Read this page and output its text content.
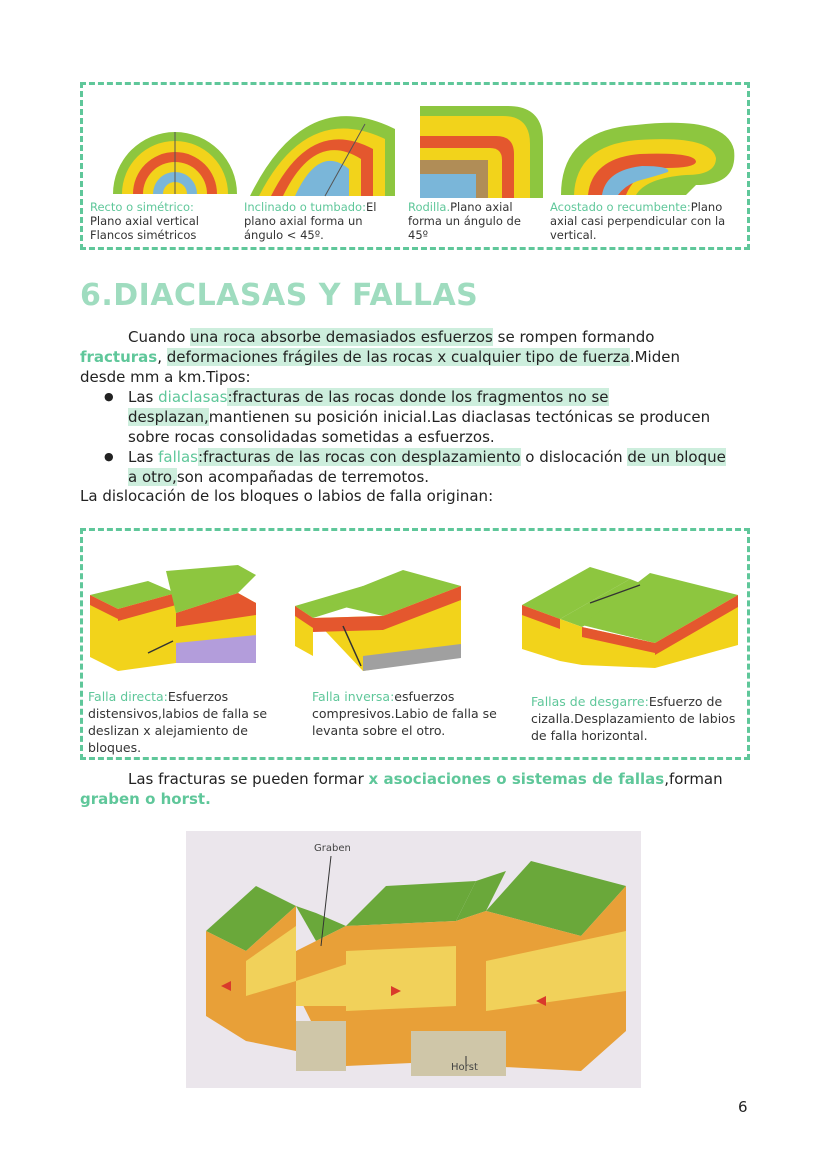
Recto o simétrico:
Plano axial vertical
Flancos simétricos
Inclinado o tumbado:El
plano axial forma un
ángulo < 45º.
Rodilla.Plano axial
forma un ángulo de
45º
Acostado o recumbente:Plano
axial casi perpendicular con la
vertical.
6.DIACLASAS Y FALLAS
Cuando una roca absorbe demasiados esfuerzos se rompen formando fracturas, deformaciones frágiles de las rocas x cualquier tipo de fuerza.Miden desde mm a km.Tipos:
● Las diaclasas:fracturas de las rocas donde los fragmentos no se desplazan,mantienen su posición inicial.Las diaclasas tectónicas se producen sobre rocas consolidadas sometidas a esfuerzos.
● Las fallas:fracturas de las rocas con desplazamiento o dislocación de un bloque a otro,son acompañadas de terremotos.
La dislocación de los bloques o labios de falla originan:
Falla directa:Esfuerzos distensivos,labios de falla se deslizan x alejamiento de bloques.
Falla inversa:esfuerzos compresivos.Labio de falla se levanta sobre el otro.
Fallas de desgarre:Esfuerzo de cizalla.Desplazamiento de labios de falla horizontal.
Las fracturas se pueden formar x asociaciones o sistemas de fallas,forman graben o horst.
Graben
Horst
6
